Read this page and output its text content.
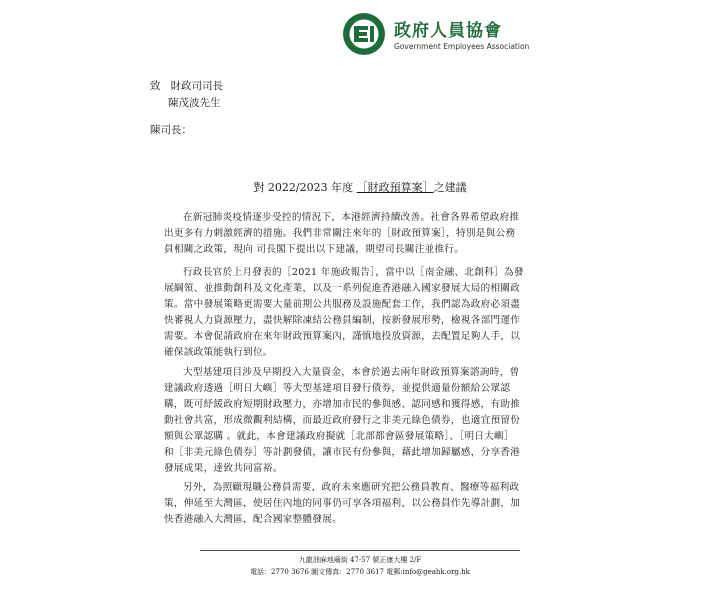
政府人員協會
Government Employees Association
致 財政司司長
陳茂波先生
陳司長：
對 2022/2023 年度 ［財政預算案］之建議
在新冠肺炎疫情逐步受控的情況下，本港經濟持續改善。社會各界希望政府推
出更多有力刺激經濟的措施。我們非常關注來年的［財政預算案］，特別是與公務
員相關之政策，現向 司長閣下提出以下建議，期望司長關注並推行。
行政長官於上月發表的［2021 年施政報告］，當中以［南金融、北創科］為發
展綱領、並推動創科及文化產業，以及一系列促進香港融入國家發展大局的相關政
策。當中發展策略更需要大量前期公共服務及設施配套工作，我們認為政府必須盡
快審視人力資源壓力，盡快解除凍結公務員編制，按新發展形勢，檢視各部門運作
需要。本會促請政府在來年財政預算案內，謹慎地投放資源，去配置足夠人手，以
確保該政策能執行到位。
大型基建項目涉及早期投入大量資金，本會於過去兩年財政預算案諮詢時，曾
建議政府透過［明日大嶼］等大型基建項目發行債券，並提供適量份額給公眾認
購，既可紓緩政府短期財政壓力，亦增加市民的參與感、認同感和獲得感，有助推
動社會共富，形成微觀利結構，而最近政府發行之非美元綠色債券，也適宜預留份
額與公眾認購 。就此，本會建議政府擬就［北部都會區發展策略］、［明日大嶼］
和［非美元綠色債券］等計劃發債，讓市民有份參與，藉此增加歸屬感，分享香港
發展成果，達致共同富裕。
另外，為照顧現職公務員需要，政府未來應研究把公務員教育、醫療等福利政
策，伸延至大灣區，使居住內地的同事仍可享各項福利，以公務員作先導計劃，加
快香港融入大灣區，配合國家整體發展。
九龍油麻地廟街 47-57 號正康大樓 2/F
電話：2770 3676 圖文傳真：2770 3617 電郵:info@geahk.org.hk
